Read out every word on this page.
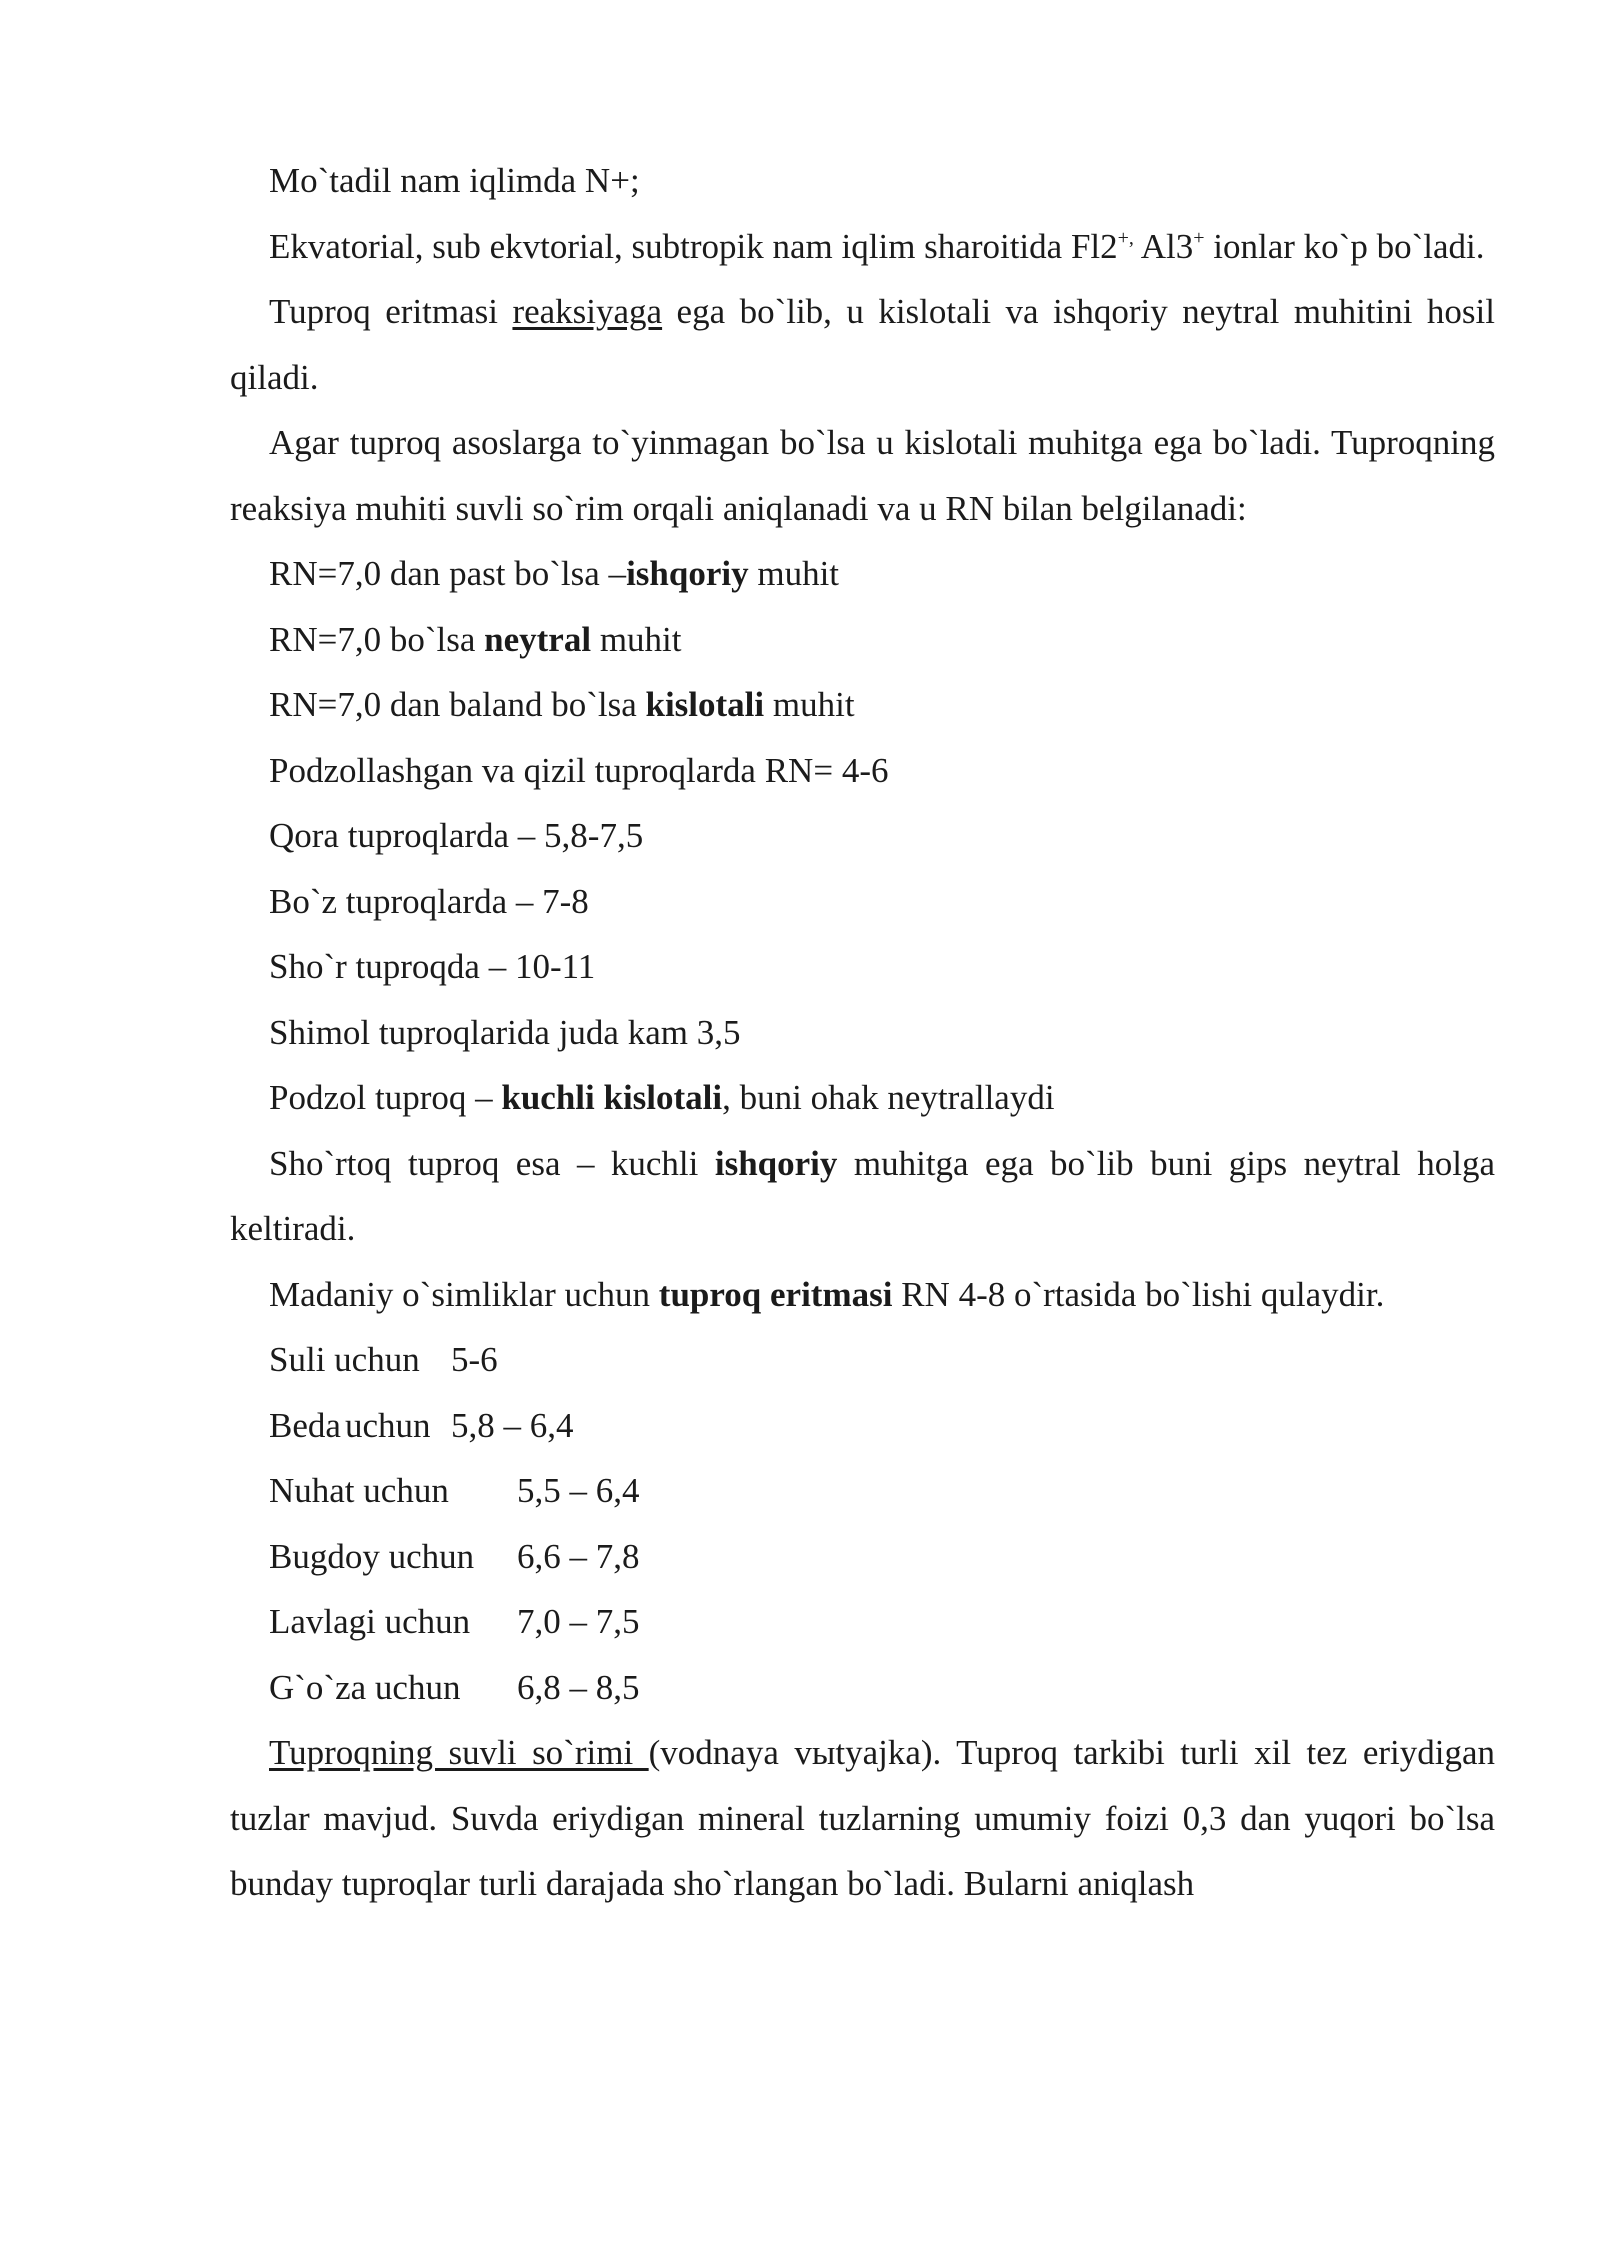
Mo`tadil nam iqlimda N+;

Ekvatorial, sub ekvtorial, subtropik nam iqlim sharoitida Fl2+, Al3+ ionlar ko`p bo`ladi.

Tuproq eritmasi reaksiyaga ega bo`lib, u kislotali va ishqoriy neytral muhitini hosil qiladi.

Agar tuproq asoslarga to`yinmagan bo`lsa u kislotali muhitga ega bo`ladi. Tuproqning reaksiya muhiti suvli so`rim orqali aniqlanadi va u RN bilan belgilanadi:

RN=7,0 dan past bo`lsa –ishqoriy muhit

RN=7,0 bo`lsa neytral muhit

RN=7,0 dan baland bo`lsa kislotali muhit

Podzollashgan va qizil tuproqlarda RN= 4-6

Qora tuproqlarda – 5,8-7,5

Bo`z tuproqlarda – 7-8

Sho`r tuproqda – 10-11

Shimol tuproqlarida juda kam 3,5

Podzol tuproq – kuchli kislotali, buni ohak neytrallaydi

Sho`rtoq tuproq esa – kuchli ishqoriy muhitga ega bo`lib buni gips neytral holga keltiradi.

Madaniy o`simliklar uchun tuproq eritmasi RN 4-8 o`rtasida bo`lishi qulaydir.

Suli uchun 5-6

Beda uchun 5,8 – 6,4

Nuhat uchun 5,5 – 6,4

Bugdoy uchun 6,6 – 7,8

Lavlagi uchun 7,0 – 7,5

G`o`za uchun 6,8 – 8,5

Tuproqning suvli so`rimi (vodnaya vыtyajka). Tuproq tarkibi turli xil tez eriydigan tuzlar mavjud. Suvda eriydigan mineral tuzlarning umumiy foizi 0,3 dan yuqori bo`lsa bunday tuproqlar turli darajada sho`rlangan bo`ladi. Bularni aniqlash
